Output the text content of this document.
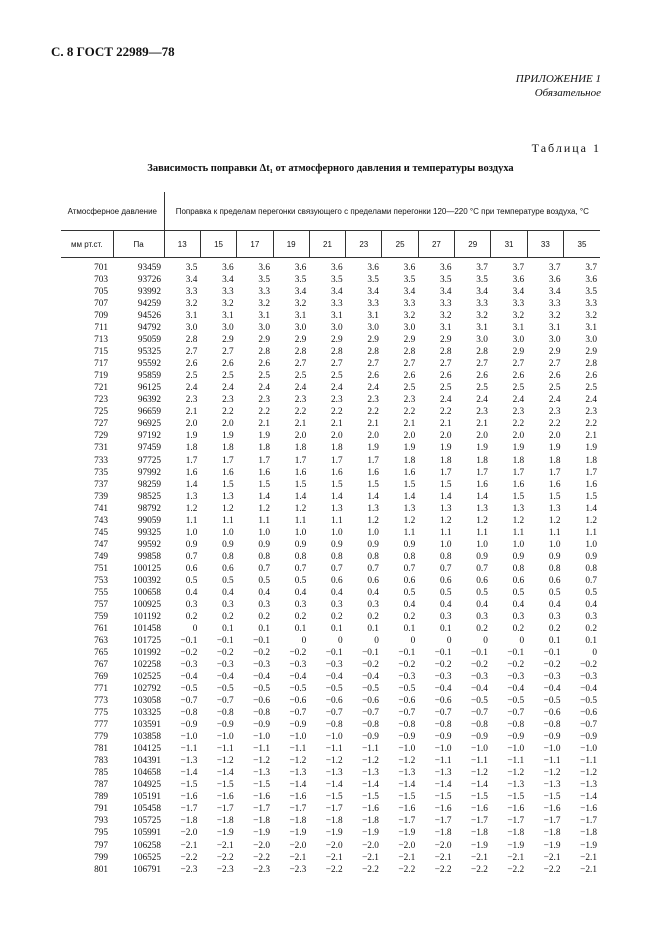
С. 8 ГОСТ 22989—78
ПРИЛОЖЕНИЕ 1
Обязательное
Таблица 1
Зависимость поправки Δt₁ от атмосферного давления и температуры воздуха
Атмосферное давление		Поправка к пределам перегонки связующего с пределами перегонки 120—220 °С при температуре воздуха, °С											
мм рт.ст.	Па	13	15	17	19	21	23	25	27	29	31	33	35
701	93459	3.5	3.6	3.6	3.6	3.6	3.6	3.6	3.6	3.7	3.7	3.7	3.7
703	93726	3.4	3.4	3.5	3.5	3.5	3.5	3.5	3.5	3.5	3.6	3.6	3.6
705	93992	3.3	3.3	3.3	3.4	3.4	3.4	3.4	3.4	3.4	3.4	3.4	3.5
707	94259	3.2	3.2	3.2	3.2	3.3	3.3	3.3	3.3	3.3	3.3	3.3	3.3
709	94526	3.1	3.1	3.1	3.1	3.1	3.1	3.2	3.2	3.2	3.2	3.2	3.2
711	94792	3.0	3.0	3.0	3.0	3.0	3.0	3.0	3.1	3.1	3.1	3.1	3.1
713	95059	2.8	2.9	2.9	2.9	2.9	2.9	2.9	2.9	3.0	3.0	3.0	3.0
715	95325	2.7	2.7	2.8	2.8	2.8	2.8	2.8	2.8	2.8	2.9	2.9	2.9
717	95592	2.6	2.6	2.6	2.7	2.7	2.7	2.7	2.7	2.7	2.7	2.7	2.8
719	95859	2.5	2.5	2.5	2.5	2.5	2.6	2.6	2.6	2.6	2.6	2.6	2.6
721	96125	2.4	2.4	2.4	2.4	2.4	2.4	2.5	2.5	2.5	2.5	2.5	2.5
723	96392	2.3	2.3	2.3	2.3	2.3	2.3	2.3	2.4	2.4	2.4	2.4	2.4
725	96659	2.1	2.2	2.2	2.2	2.2	2.2	2.2	2.2	2.3	2.3	2.3	2.3
727	96925	2.0	2.0	2.1	2.1	2.1	2.1	2.1	2.1	2.1	2.2	2.2	2.2
729	97192	1.9	1.9	1.9	2.0	2.0	2.0	2.0	2.0	2.0	2.0	2.0	2.1
731	97459	1.8	1.8	1.8	1.8	1.8	1.9	1.9	1.9	1.9	1.9	1.9	1.9
733	97725	1.7	1.7	1.7	1.7	1.7	1.7	1.8	1.8	1.8	1.8	1.8	1.8
735	97992	1.6	1.6	1.6	1.6	1.6	1.6	1.6	1.7	1.7	1.7	1.7	1.7
737	98259	1.4	1.5	1.5	1.5	1.5	1.5	1.5	1.5	1.6	1.6	1.6	1.6
739	98525	1.3	1.3	1.4	1.4	1.4	1.4	1.4	1.4	1.4	1.5	1.5	1.5
741	98792	1.2	1.2	1.2	1.2	1.3	1.3	1.3	1.3	1.3	1.3	1.3	1.4
743	99059	1.1	1.1	1.1	1.1	1.1	1.2	1.2	1.2	1.2	1.2	1.2	1.2
745	99325	1.0	1.0	1.0	1.0	1.0	1.0	1.1	1.1	1.1	1.1	1.1	1.1
747	99592	0.9	0.9	0.9	0.9	0.9	0.9	0.9	1.0	1.0	1.0	1.0	1.0
749	99858	0.7	0.8	0.8	0.8	0.8	0.8	0.8	0.8	0.9	0.9	0.9	0.9
751	100125	0.6	0.6	0.7	0.7	0.7	0.7	0.7	0.7	0.7	0.8	0.8	0.8
753	100392	0.5	0.5	0.5	0.5	0.6	0.6	0.6	0.6	0.6	0.6	0.6	0.7
755	100658	0.4	0.4	0.4	0.4	0.4	0.4	0.5	0.5	0.5	0.5	0.5	0.5
757	100925	0.3	0.3	0.3	0.3	0.3	0.3	0.4	0.4	0.4	0.4	0.4	0.4
759	101192	0.2	0.2	0.2	0.2	0.2	0.2	0.2	0.3	0.3	0.3	0.3	0.3
761	101458	0	0.1	0.1	0.1	0.1	0.1	0.1	0.1	0.2	0.2	0.2	0.2
763	101725	−0.1	−0.1	−0.1	0	0	0	0	0	0	0	0.1	0.1
765	101992	−0.2	−0.2	−0.2	−0.2	−0.1	−0.1	−0.1	−0.1	−0.1	−0.1	−0.1	0
767	102258	−0.3	−0.3	−0.3	−0.3	−0.3	−0.2	−0.2	−0.2	−0.2	−0.2	−0.2	−0.2
769	102525	−0.4	−0.4	−0.4	−0.4	−0.4	−0.4	−0.3	−0.3	−0.3	−0.3	−0.3	−0.3
771	102792	−0.5	−0.5	−0.5	−0.5	−0.5	−0.5	−0.5	−0.4	−0.4	−0.4	−0.4	−0.4
773	103058	−0.7	−0.7	−0.6	−0.6	−0.6	−0.6	−0.6	−0.6	−0.5	−0.5	−0.5	−0.5
775	103325	−0.8	−0.8	−0.8	−0.7	−0.7	−0.7	−0.7	−0.7	−0.7	−0.7	−0.6	−0.6
777	103591	−0.9	−0.9	−0.9	−0.9	−0.8	−0.8	−0.8	−0.8	−0.8	−0.8	−0.8	−0.7
779	103858	−1.0	−1.0	−1.0	−1.0	−1.0	−0.9	−0.9	−0.9	−0.9	−0.9	−0.9	−0.9
781	104125	−1.1	−1.1	−1.1	−1.1	−1.1	−1.1	−1.0	−1.0	−1.0	−1.0	−1.0	−1.0
783	104391	−1.3	−1.2	−1.2	−1.2	−1.2	−1.2	−1.2	−1.1	−1.1	−1.1	−1.1	−1.1
785	104658	−1.4	−1.4	−1.3	−1.3	−1.3	−1.3	−1.3	−1.3	−1.2	−1.2	−1.2	−1.2
787	104925	−1.5	−1.5	−1.5	−1.4	−1.4	−1.4	−1.4	−1.4	−1.4	−1.3	−1.3	−1.3
789	105191	−1.6	−1.6	−1.6	−1.6	−1.5	−1.5	−1.5	−1.5	−1.5	−1.5	−1.5	−1.4
791	105458	−1.7	−1.7	−1.7	−1.7	−1.7	−1.6	−1.6	−1.6	−1.6	−1.6	−1.6	−1.6
793	105725	−1.8	−1.8	−1.8	−1.8	−1.8	−1.8	−1.7	−1.7	−1.7	−1.7	−1.7	−1.7
795	105991	−2.0	−1.9	−1.9	−1.9	−1.9	−1.9	−1.9	−1.8	−1.8	−1.8	−1.8	−1.8
797	106258	−2.1	−2.1	−2.0	−2.0	−2.0	−2.0	−2.0	−2.0	−1.9	−1.9	−1.9	−1.9
799	106525	−2.2	−2.2	−2.2	−2.1	−2.1	−2.1	−2.1	−2.1	−2.1	−2.1	−2.1	−2.1
801	106791	−2.3	−2.3	−2.3	−2.3	−2.2	−2.2	−2.2	−2.2	−2.2	−2.2	−2.2	−2.1
